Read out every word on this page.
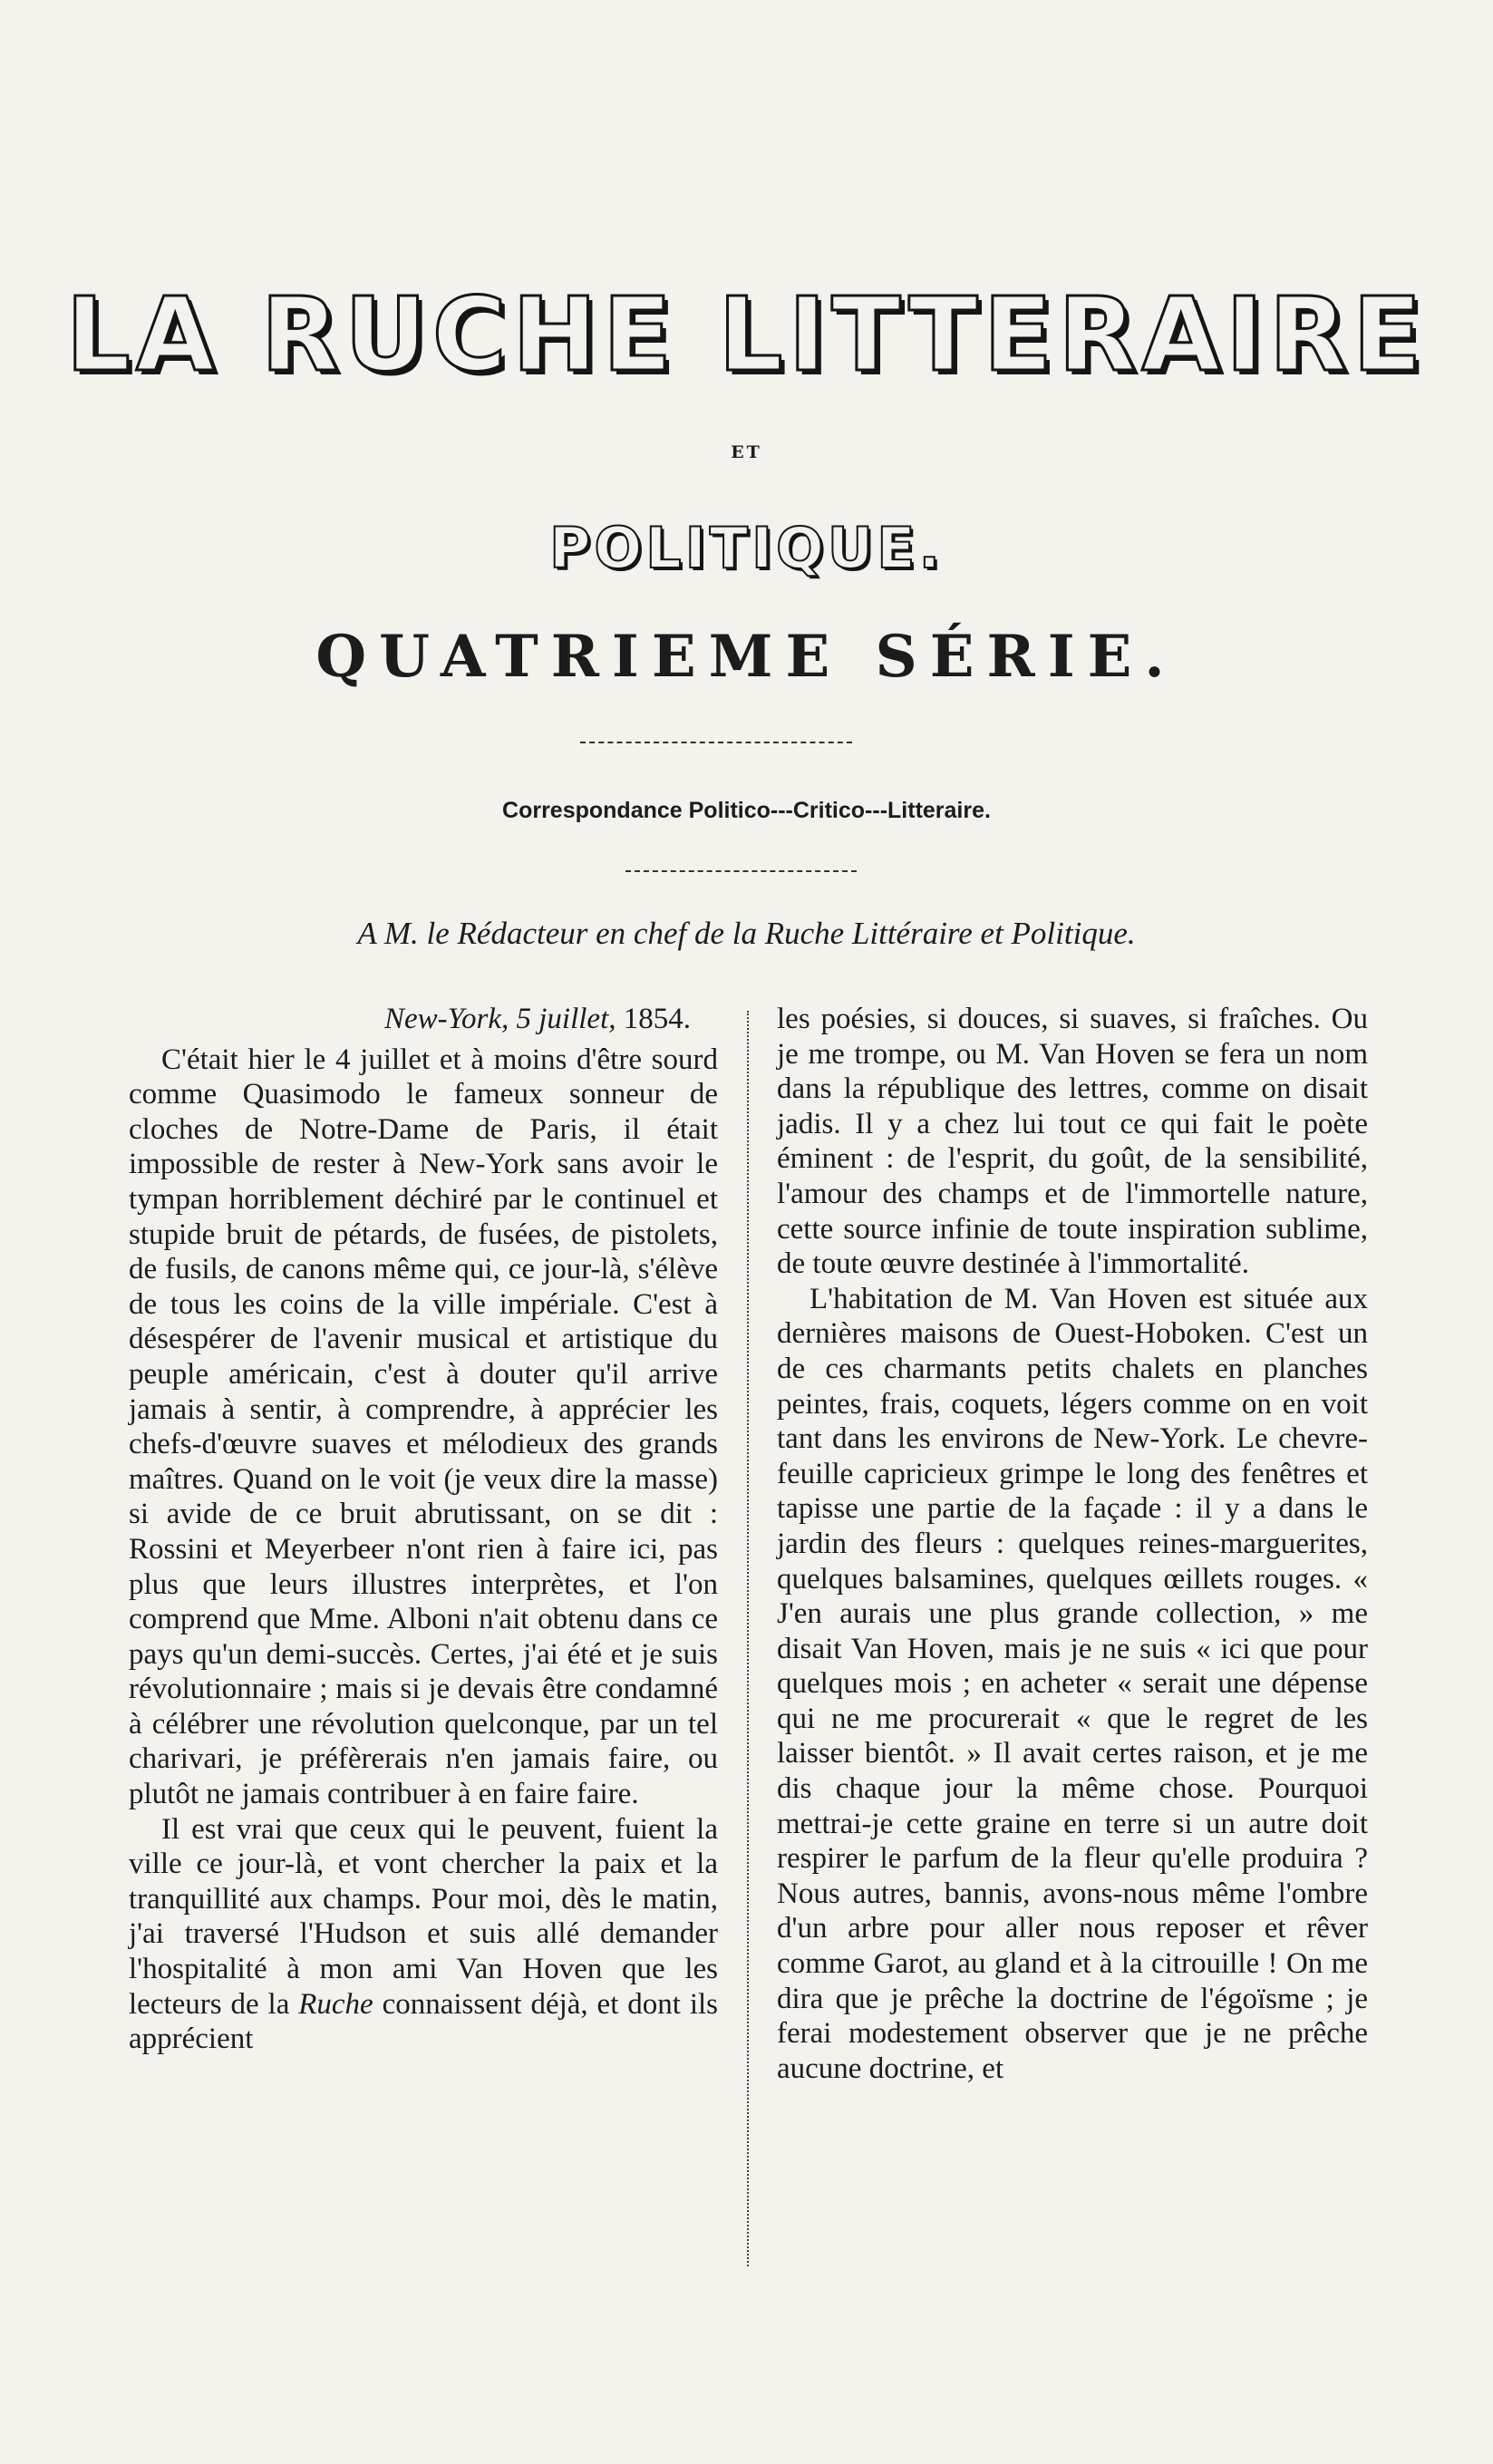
LA RUCHE LITTERAIRE
ET
POLITIQUE.
QUATRIEME SÉRIE.
Correspondance Politico---Critico---Litteraire.
A M. le Rédacteur en chef de la Ruche Littéraire et Politique.
New-York, 5 juillet, 1854.

C'était hier le 4 juillet et à moins d'être sourd comme Quasimodo le fameux sonneur de cloches de Notre-Dame de Paris, il était impossible de rester à New-York sans avoir le tympan horriblement déchiré par le continuel et stupide bruit de pétards, de fusées, de pistolets, de fusils, de canons même qui, ce jour-là, s'élève de tous les coins de la ville impériale. C'est à désespérer de l'avenir musical et artistique du peuple américain, c'est à douter qu'il arrive jamais à sentir, à comprendre, à apprécier les chefs-d'œuvre suaves et mélodieux des grands maîtres. Quand on le voit (je veux dire la masse) si avide de ce bruit abrutissant, on se dit : Rossini et Meyerbeer n'ont rien à faire ici, pas plus que leurs illustres interprètes, et l'on comprend que Mme. Alboni n'ait obtenu dans ce pays qu'un demi-succès. Certes, j'ai été et je suis révolutionnaire ; mais si je devais être condamné à célébrer une révolution quelconque, par un tel charivari, je préfèrerais n'en jamais faire, ou plutôt ne jamais contribuer à en faire faire.

Il est vrai que ceux qui le peuvent, fuient la ville ce jour-là, et vont chercher la paix et la tranquillité aux champs. Pour moi, dès le matin, j'ai traversé l'Hudson et suis allé demander l'hospitalité à mon ami Van Hoven que les lecteurs de la Ruche connaissent déjà, et dont ils apprécient

les poésies, si douces, si suaves, si fraîches. Ou je me trompe, ou M. Van Hoven se fera un nom dans la république des lettres, comme on disait jadis. Il y a chez lui tout ce qui fait le poète éminent : de l'esprit, du goût, de la sensibilité, l'amour des champs et de l'immortelle nature, cette source infinie de toute inspiration sublime, de toute œuvre destinée à l'immortalité.

L'habitation de M. Van Hoven est située aux dernières maisons de Ouest-Hoboken. C'est un de ces charmants petits chalets en planches peintes, frais, coquets, légers comme on en voit tant dans les environs de New-York. Le chevre-feuille capricieux grimpe le long des fenêtres et tapisse une partie de la façade : il y a dans le jardin des fleurs : quelques reines-marguerites, quelques balsamines, quelques œillets rouges. « J'en aurais une plus grande collection, » me disait Van Hoven, mais je ne suis « ici que pour quelques mois ; en acheter « serait une dépense qui ne me procurerait « que le regret de les laisser bientôt. » Il avait certes raison, et je me dis chaque jour la même chose. Pourquoi mettrai-je cette graine en terre si un autre doit respirer le parfum de la fleur qu'elle produira ? Nous autres, bannis, avons-nous même l'ombre d'un arbre pour aller nous reposer et rêver comme Garot, au gland et à la citrouille ! On me dira que je prêche la doctrine de l'égoïsme ; je ferai modestement observer que je ne prêche aucune doctrine, et
